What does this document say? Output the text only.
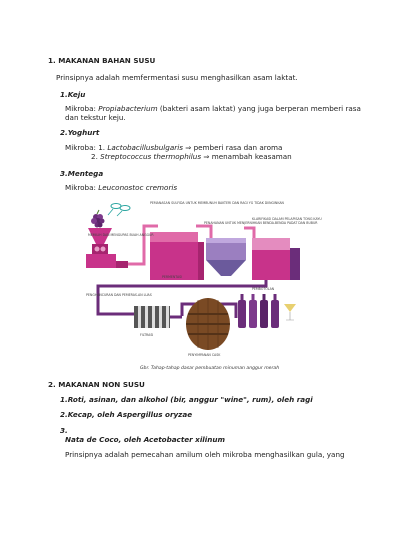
1. MAKANAN BAHAN SUSU
Prinsipnya adalah memfermentasi susu menghasilkan asam laktat.
1.Keju
Mikroba: Propiabacterium (bakteri asam laktat) yang juga berperan memberi rasa dan tekstur keju.
2.Yoghurt
Mikroba: 1. Lactobacillusbulgaris ⇒ pemberi rasa dan aroma
2. Streptococcus thermophilus ⇒ menambah keasaman
3.Mentega
Mikroba: Leuconostoc cremoris
PEMANASAN SULFIDA UNTUK MEMBUNUH BAKTERI DAN RAGI YG TIDAK DIINGINKAN
MEMILIH DAN MENGUPAS BUAH ANGGUR
PENAHANAN UNTUK MENJERNIHKAN BENDA-BENDA PADAT DAN BUBUR
KLARIFIKASI DALAM PELAPISAN TONG KAYU
PENGHANCURAN DAN PEMERAS-AN LUAS
PERMENTASI
FILTRASI
PENYIMPANAN CASK
PEMBOTOLAN
Gbr. Tahap-tahap dasar pembuatan minuman anggur merah
2. MAKANAN NON SUSU
1.Roti, asinan, dan alkohol (bir, anggur "wine", rum), oleh ragi
2.Kecap, oleh Aspergillus oryzae
3.
Nata de Coco, oleh Acetobacter xilinum
Prinsipnya adalah pemecahan amilum oleh mikroba menghasilkan gula, yang
